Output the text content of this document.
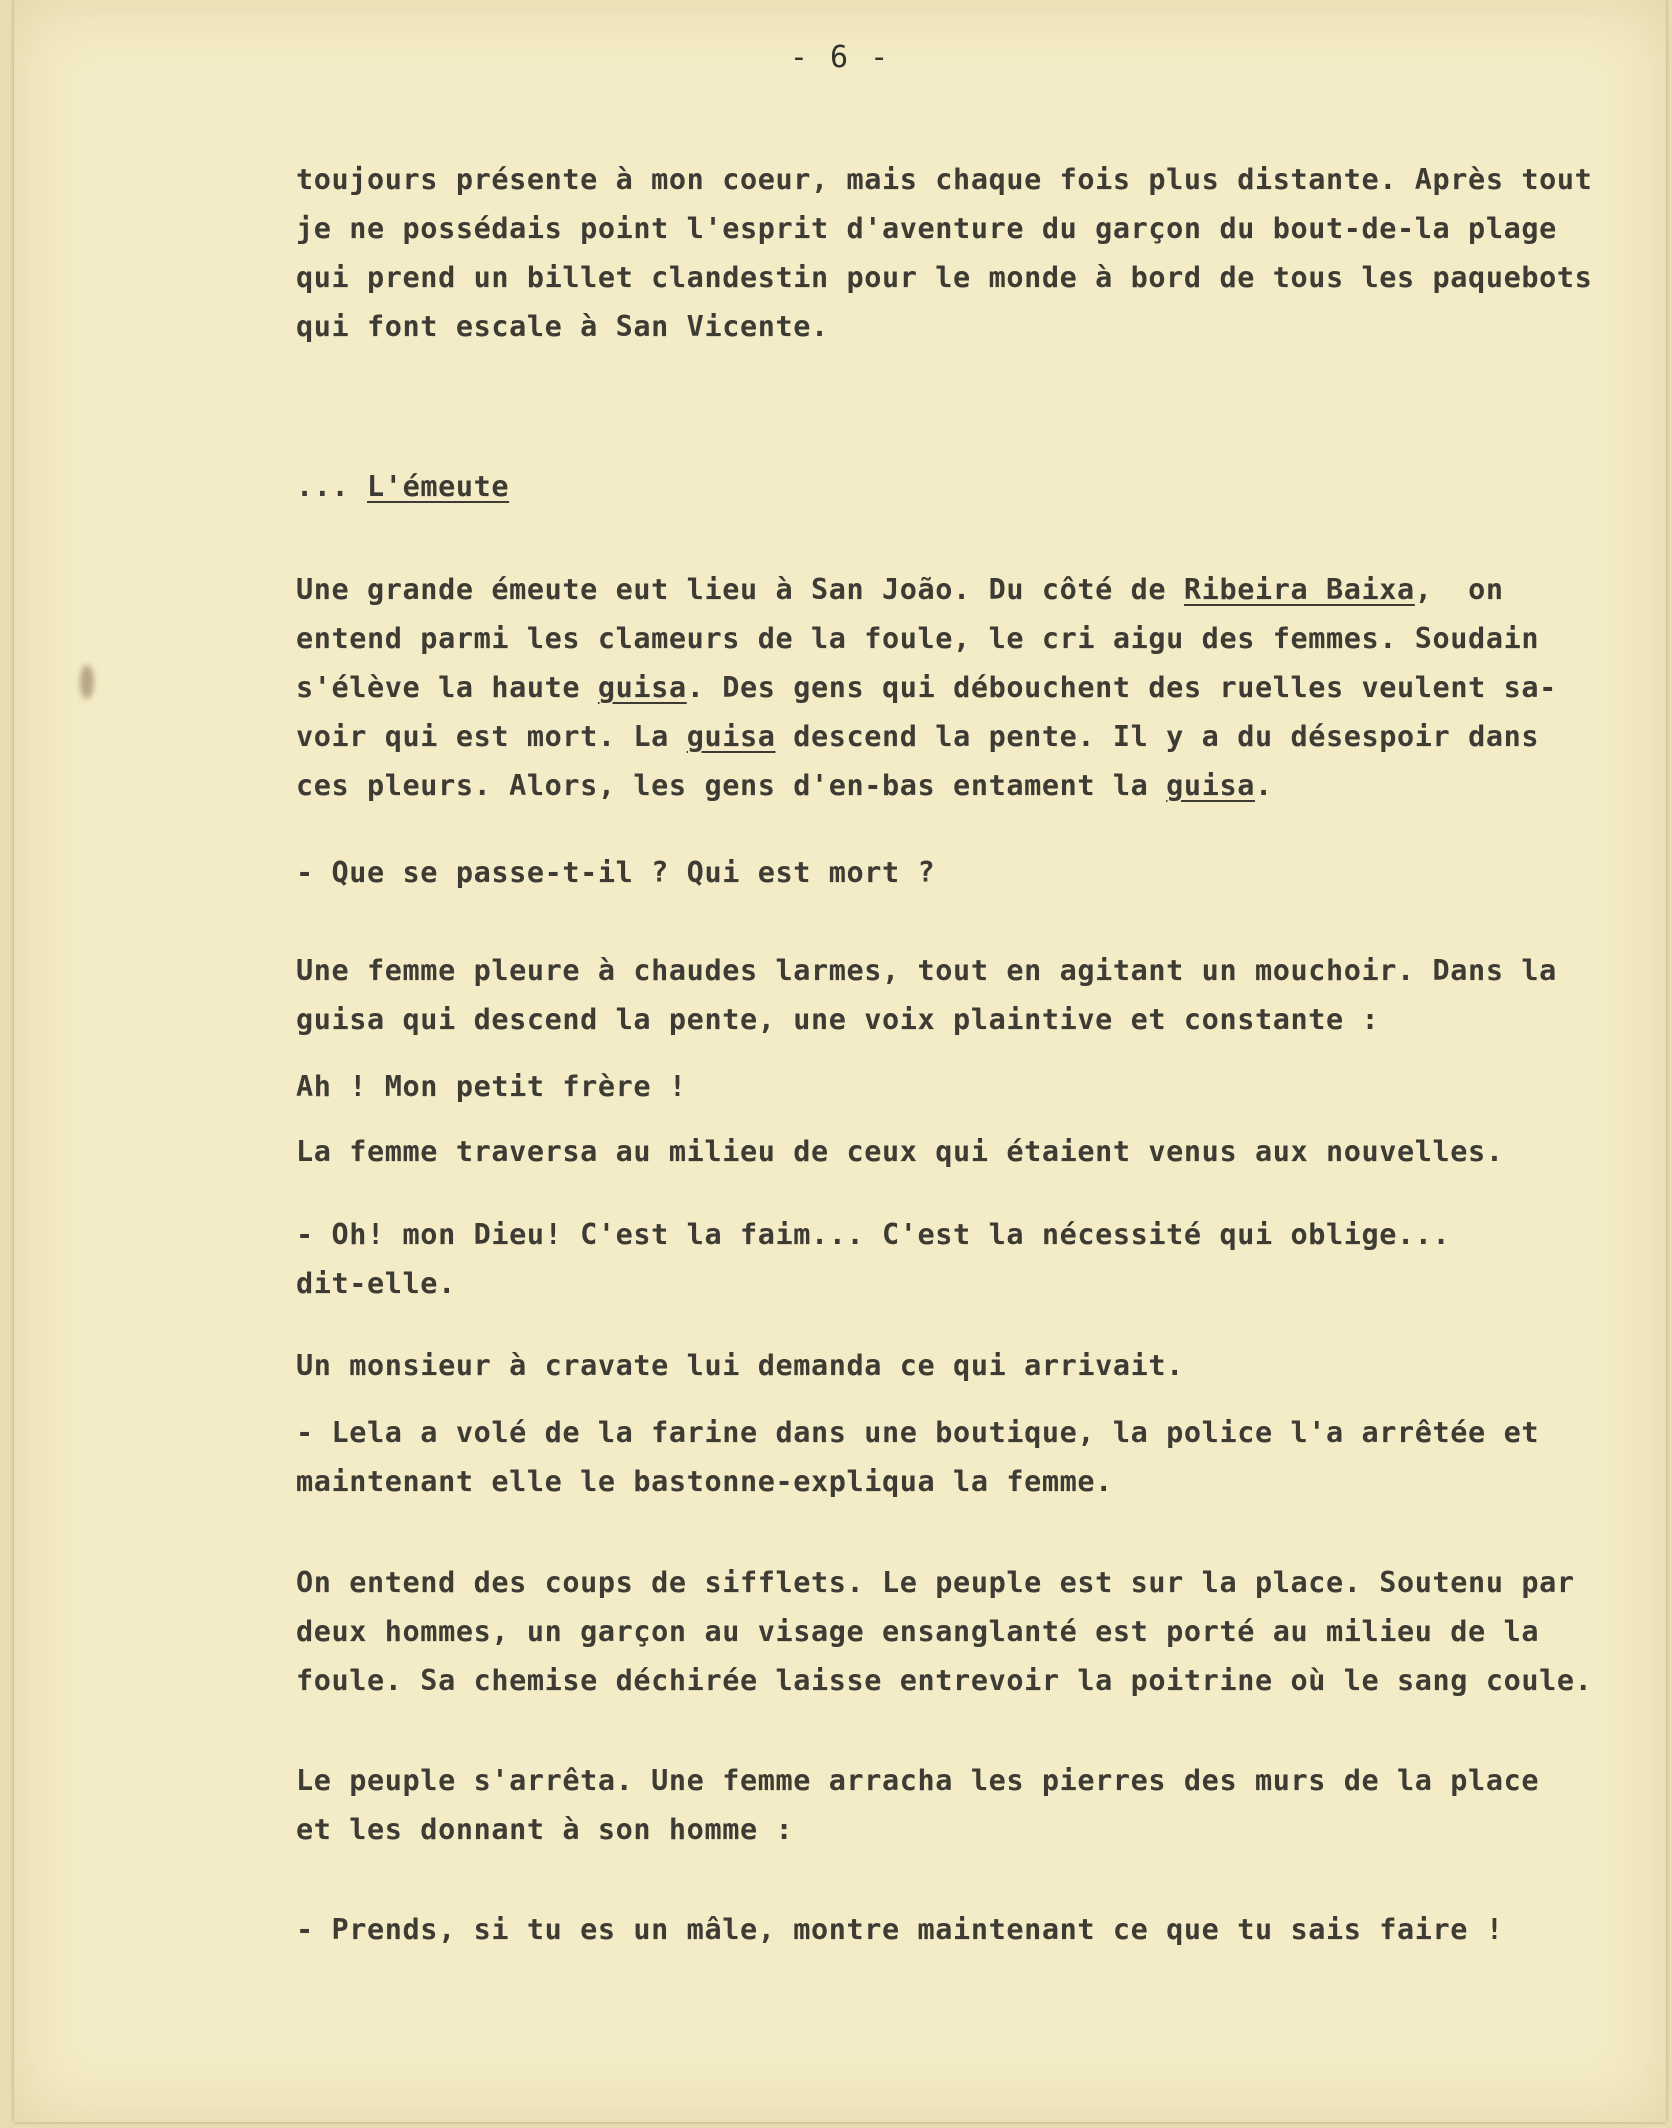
- 6 -
toujours présente à mon coeur, mais chaque fois plus distante. Après tout
je ne possédais point l'esprit d'aventure du garçon du bout-de-la plage
qui prend un billet clandestin pour le monde à bord de tous les paquebots
qui font escale à San Vicente.
... L'émeute
Une grande émeute eut lieu à San João. Du côté de Ribeira Baixa,  on
entend parmi les clameurs de la foule, le cri aigu des femmes. Soudain
s'élève la haute guisa. Des gens qui débouchent des ruelles veulent sa-
voir qui est mort. La guisa descend la pente. Il y a du désespoir dans
ces pleurs. Alors, les gens d'en-bas entament la guisa.
- Que se passe-t-il ? Qui est mort ?
Une femme pleure à chaudes larmes, tout en agitant un mouchoir. Dans la
guisa qui descend la pente, une voix plaintive et constante :
Ah ! Mon petit frère !
La femme traversa au milieu de ceux qui étaient venus aux nouvelles.
- Oh! mon Dieu! C'est la faim... C'est la nécessité qui oblige...
dit-elle.
Un monsieur à cravate lui demanda ce qui arrivait.
- Lela a volé de la farine dans une boutique, la police l'a arrêtée et
maintenant elle le bastonne-expliqua la femme.
On entend des coups de sifflets. Le peuple est sur la place. Soutenu par
deux hommes, un garçon au visage ensanglanté est porté au milieu de la
foule. Sa chemise déchirée laisse entrevoir la poitrine où le sang coule.
Le peuple s'arrêta. Une femme arracha les pierres des murs de la place
et les donnant à son homme :
- Prends, si tu es un mâle, montre maintenant ce que tu sais faire !
